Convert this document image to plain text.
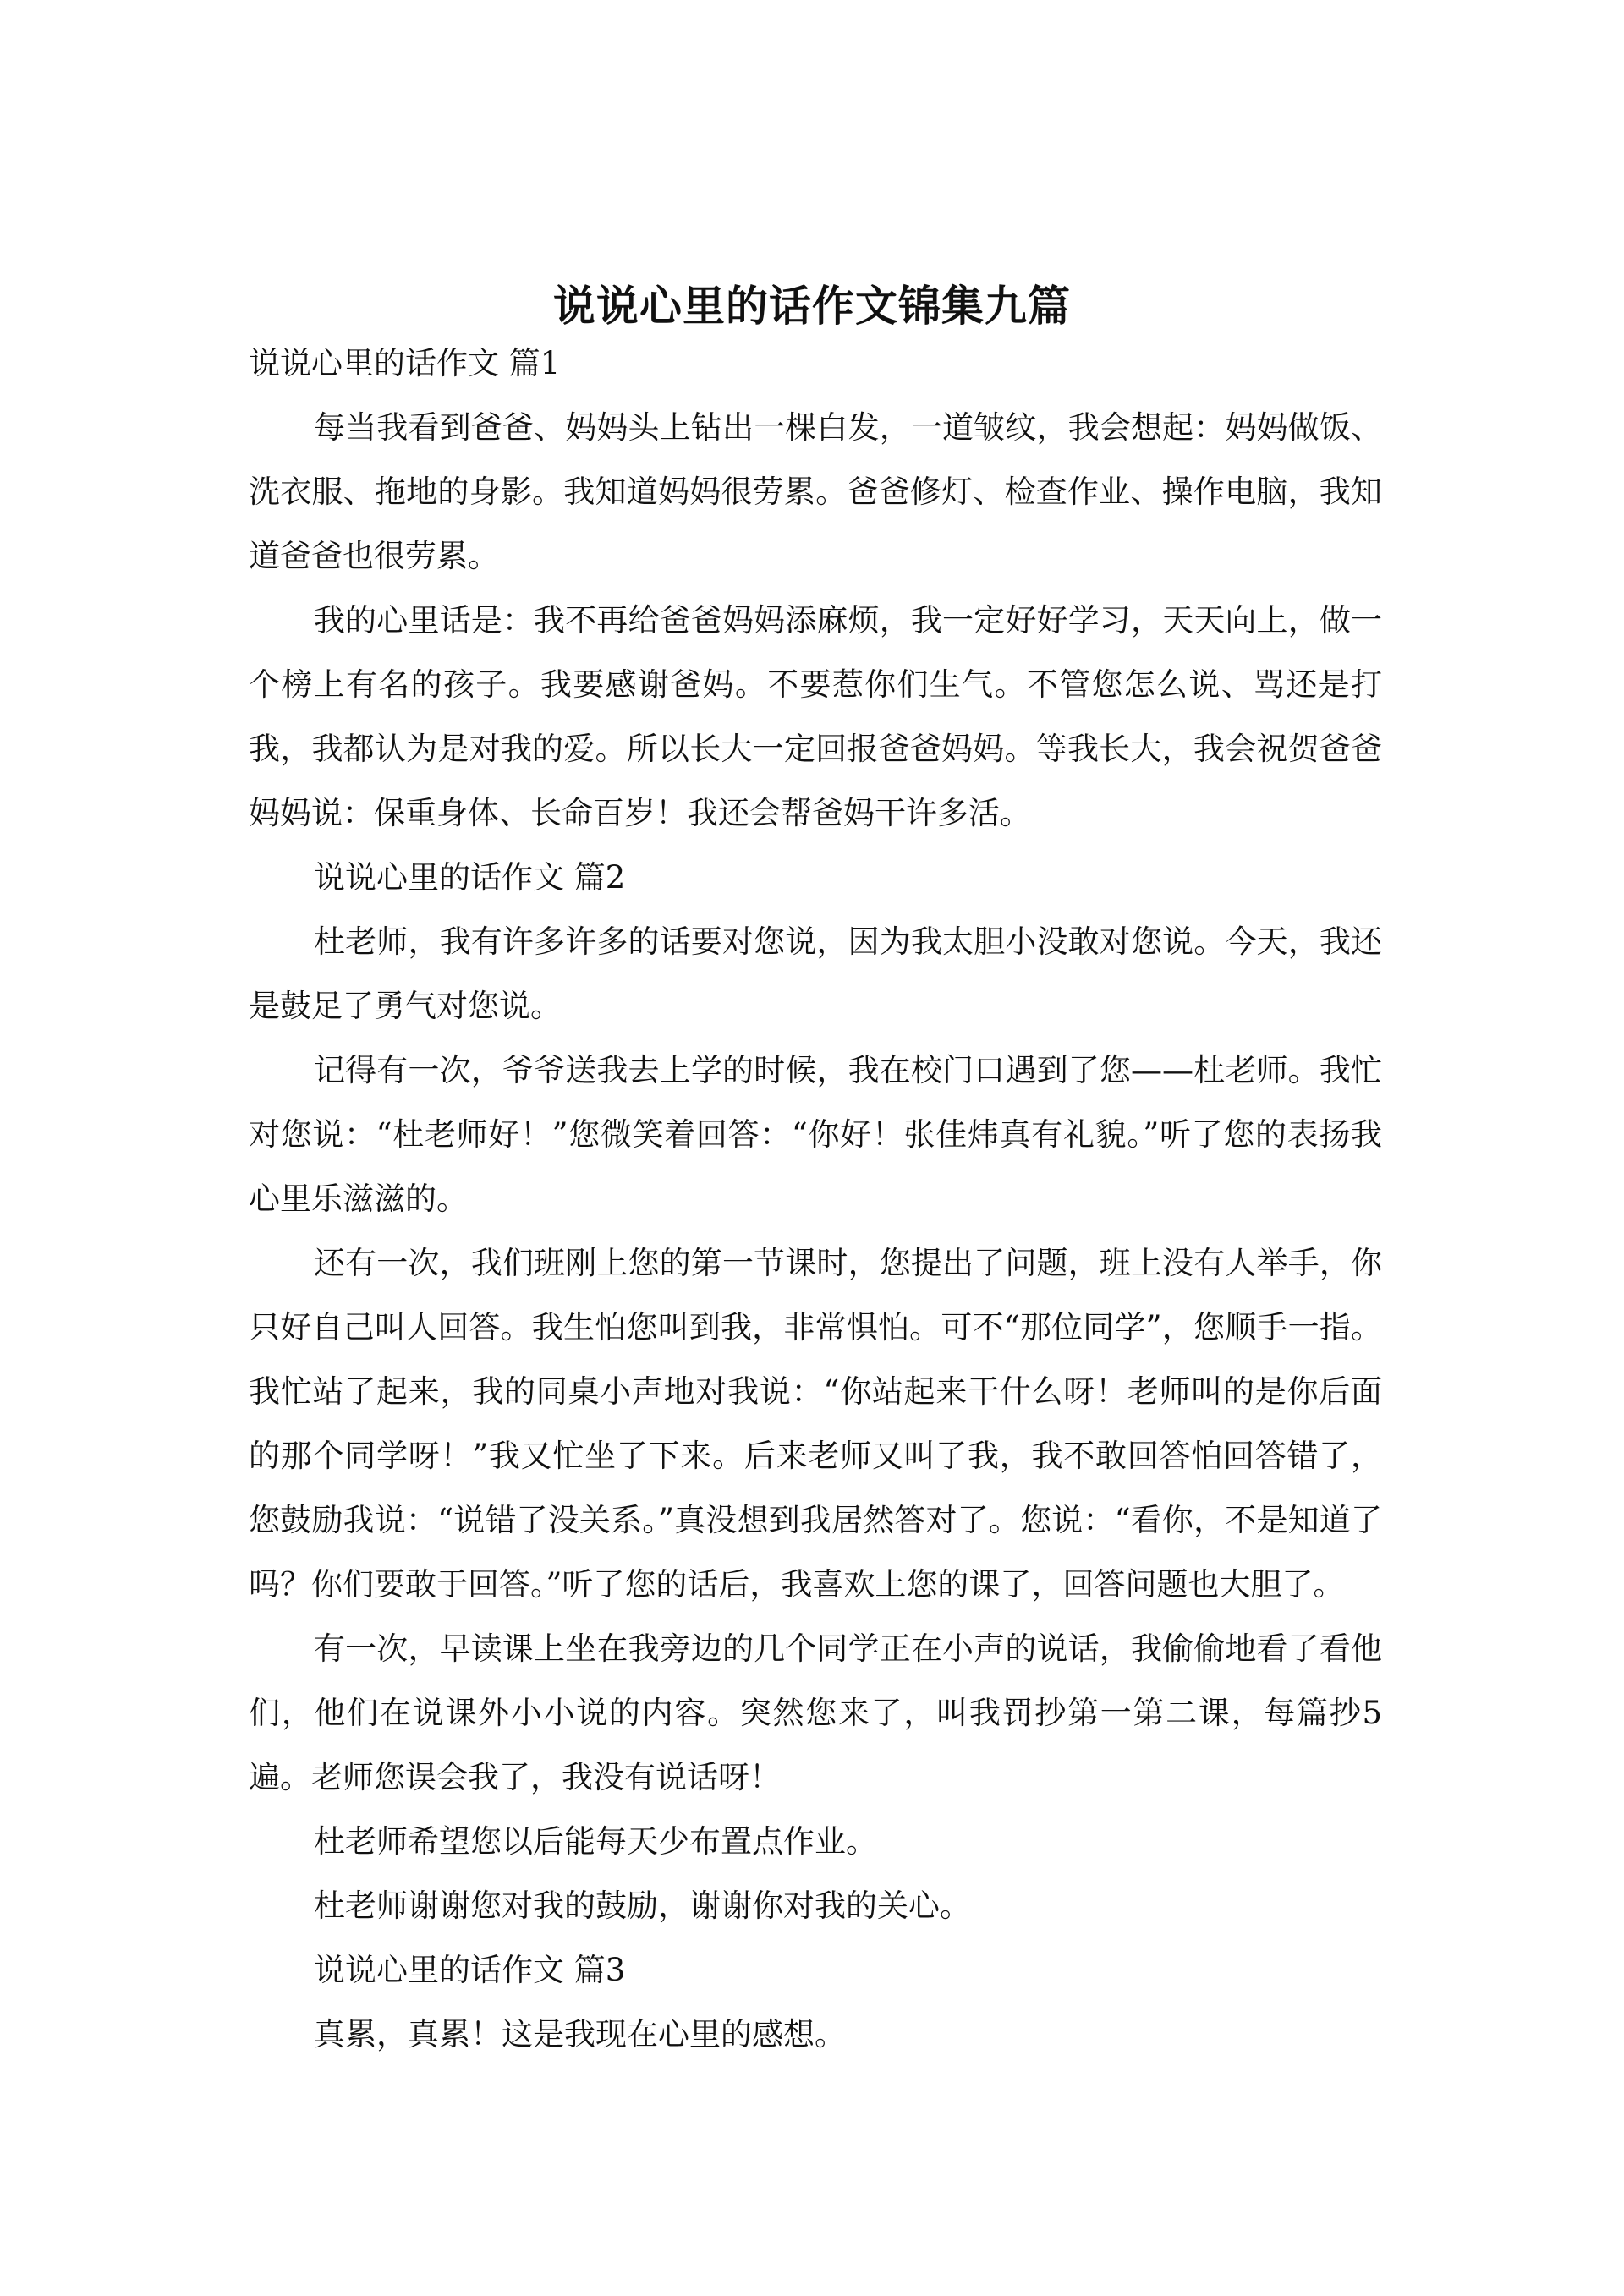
说说心里的话作文锦集九篇

说说心里的话作文 篇1

每当我看到爸爸、妈妈头上钻出一棵白发，一道皱纹，我会想起：妈妈做饭、洗衣服、拖地的身影。我知道妈妈很劳累。爸爸修灯、检查作业、操作电脑，我知道爸爸也很劳累。

我的心里话是：我不再给爸爸妈妈添麻烦，我一定好好学习，天天向上，做一个榜上有名的孩子。我要感谢爸妈。不要惹你们生气。不管您怎么说、骂还是打我，我都认为是对我的爱。所以长大一定回报爸爸妈妈。等我长大，我会祝贺爸爸妈妈说：保重身体、长命百岁！我还会帮爸妈干许多活。

说说心里的话作文 篇2

杜老师，我有许多许多的话要对您说，因为我太胆小没敢对您说。今天，我还是鼓足了勇气对您说。

记得有一次，爷爷送我去上学的时候，我在校门口遇到了您——杜老师。我忙对您说：“杜老师好！”您微笑着回答：“你好！张佳炜真有礼貌。”听了您的表扬我心里乐滋滋的。

还有一次，我们班刚上您的第一节课时，您提出了问题，班上没有人举手，你只好自己叫人回答。我生怕您叫到我，非常惧怕。可不“那位同学”，您顺手一指。我忙站了起来，我的同桌小声地对我说：“你站起来干什么呀！老师叫的是你后面的那个同学呀！”我又忙坐了下来。后来老师又叫了我，我不敢回答怕回答错了，您鼓励我说：“说错了没关系。”真没想到我居然答对了。您说：“看你，不是知道了吗？你们要敢于回答。”听了您的话后，我喜欢上您的课了，回答问题也大胆了。

有一次，早读课上坐在我旁边的几个同学正在小声的说话，我偷偷地看了看他们，他们在说课外小小说的内容。突然您来了，叫我罚抄第一第二课，每篇抄5遍。老师您误会我了，我没有说话呀！

杜老师希望您以后能每天少布置点作业。

杜老师谢谢您对我的鼓励，谢谢你对我的关心。

说说心里的话作文 篇3

真累，真累！这是我现在心里的感想。
